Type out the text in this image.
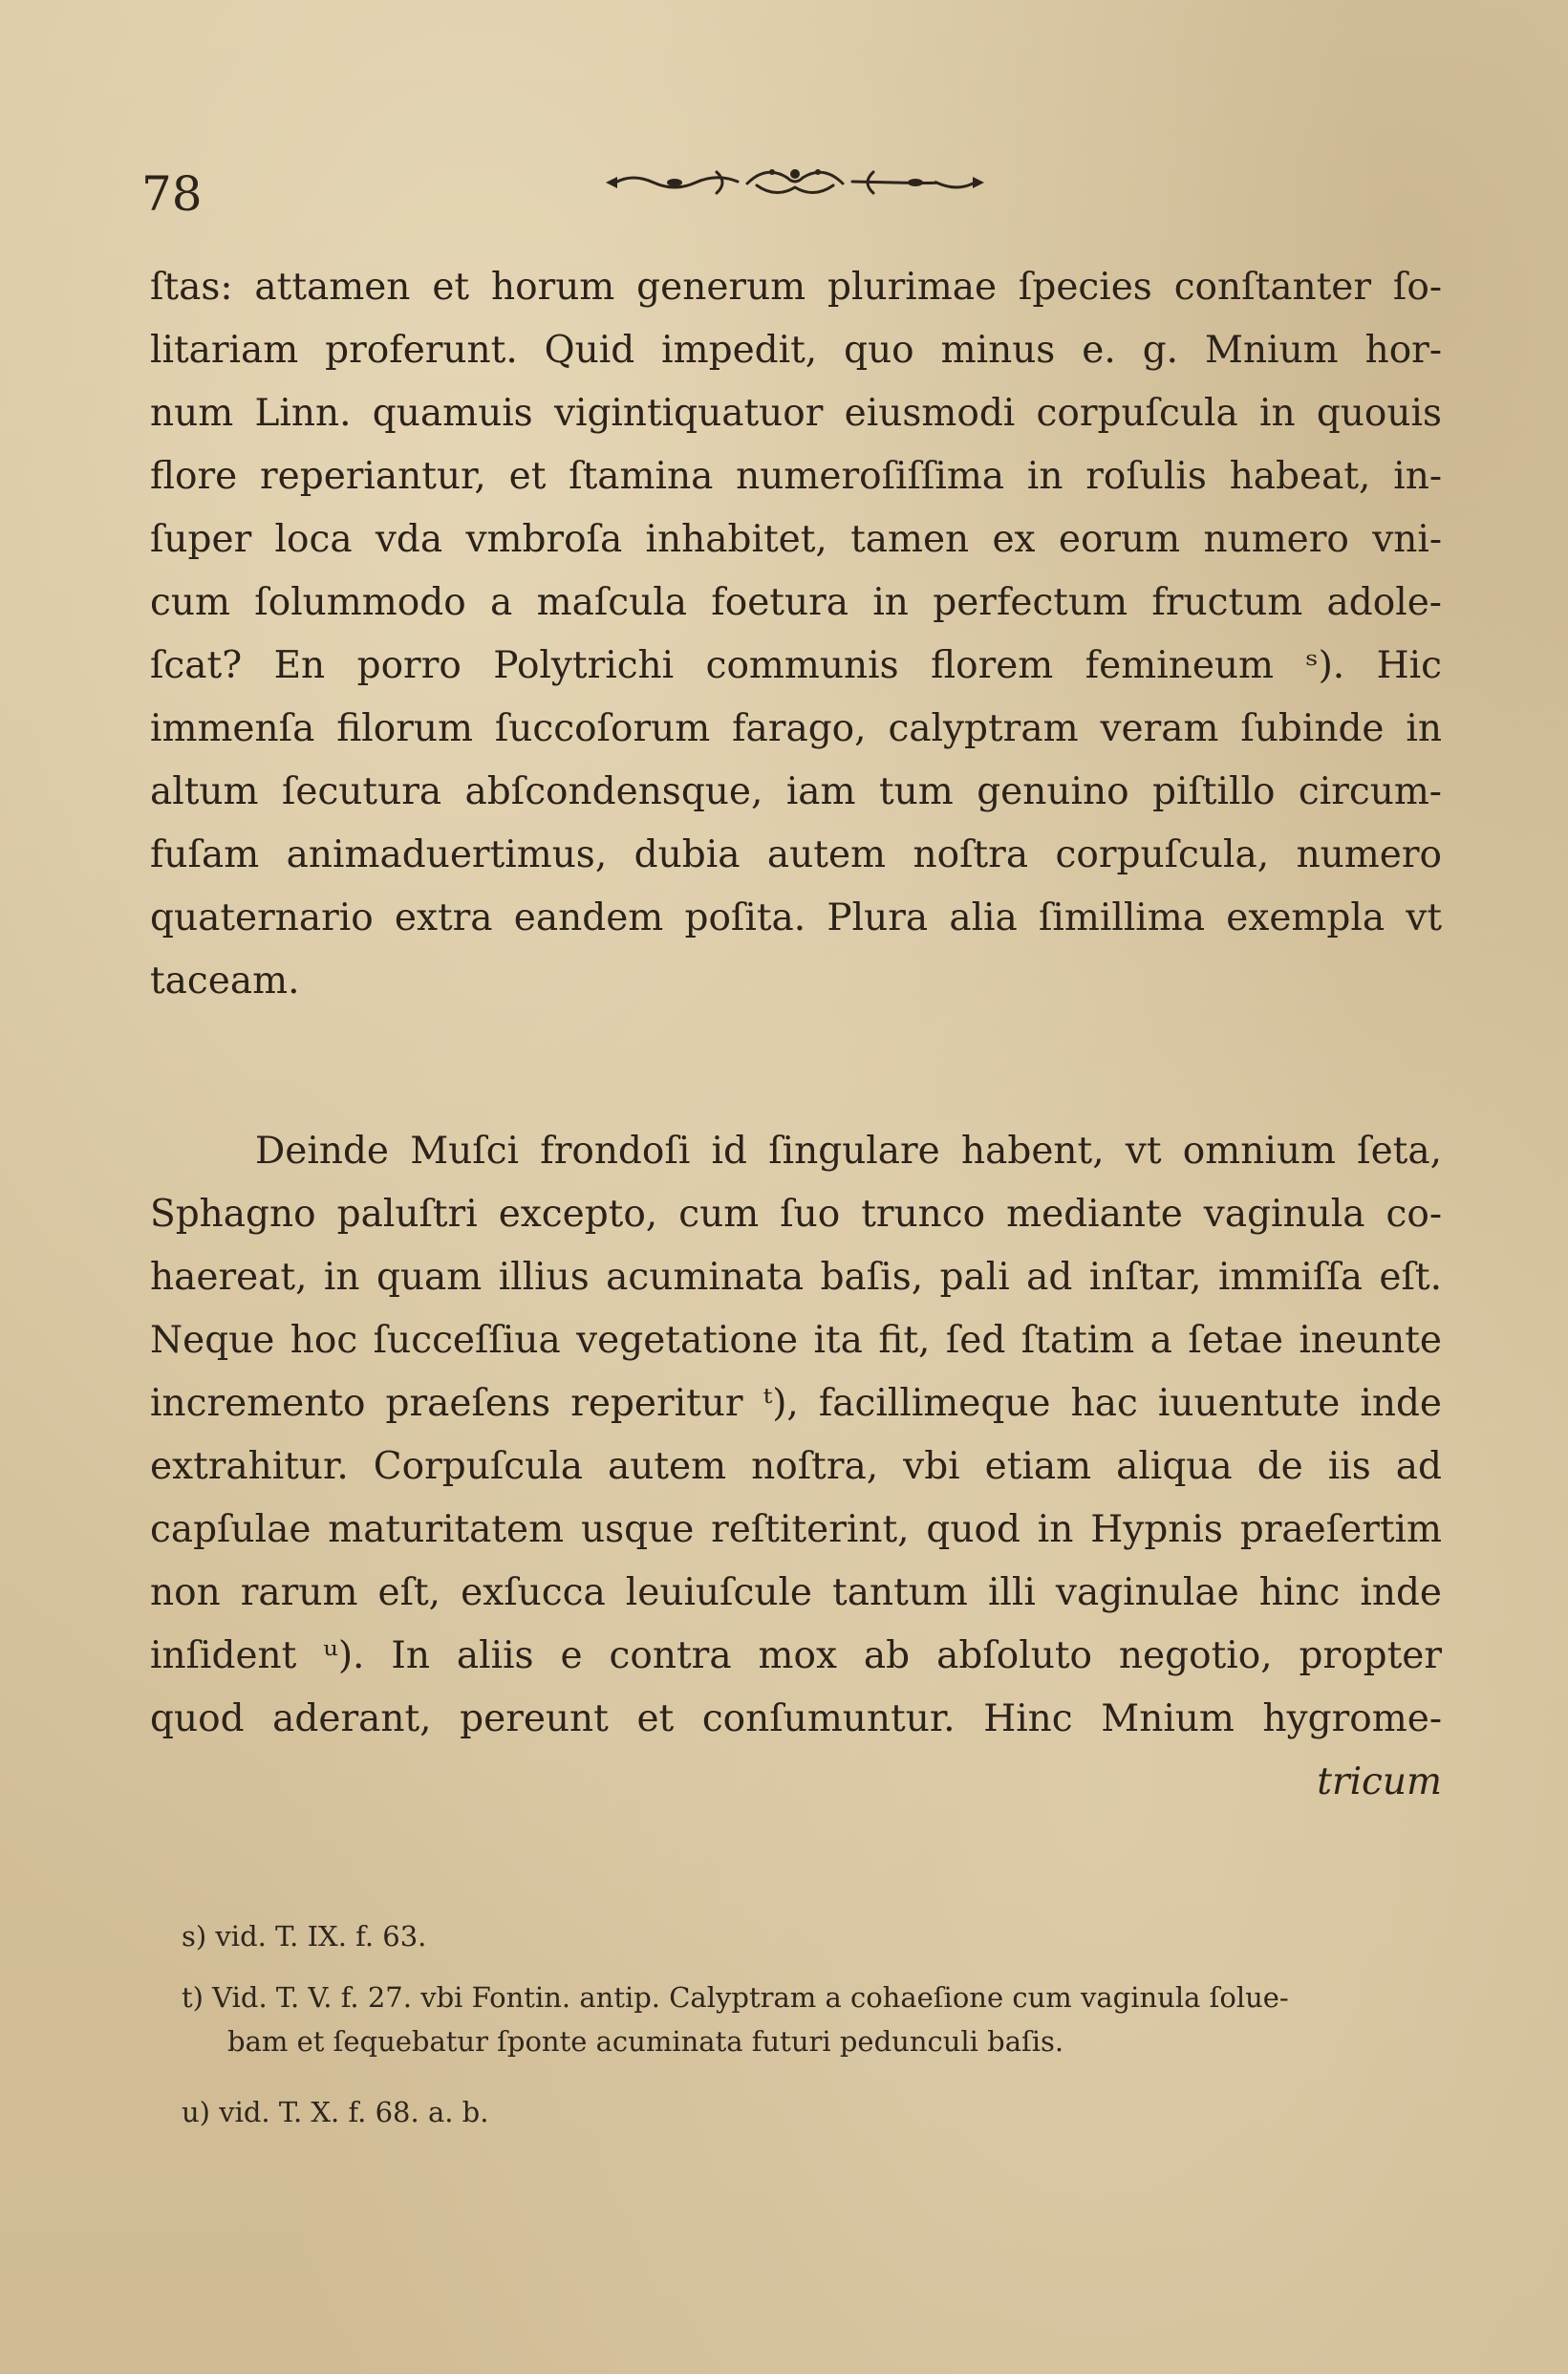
78
ſtas: attamen et horum generum plurimae ſpecies conſtanter ſo-
litariam proferunt. Quid impedit, quo minus e. g. Mnium hor-
num Linn. quamuis vigintiquatuor eiusmodi corpuſcula in quouis
flore reperiantur, et ſtamina numeroſiſſima in roſulis habeat, in-
ſuper loca vda vmbroſa inhabitet, tamen ex eorum numero vni-
cum ſolummodo a maſcula foetura in perfectum fructum adole-
ſcat? En porro Polytrichi communis florem femineum ˢ). Hic
immenſa filorum ſuccoſorum farago, calyptram veram ſubinde in
altum ſecutura abſcondensque, iam tum genuino piſtillo circum-
fuſam animaduertimus, dubia autem noſtra corpuſcula, numero
quaternario extra eandem poſita. Plura alia ſimillima exempla vt
taceam.
Deinde Muſci frondoſi id ſingulare habent, vt omnium ſeta,
Sphagno paluſtri excepto, cum ſuo trunco mediante vaginula co-
haereat, in quam illius acuminata baſis, pali ad inſtar, immiſſa eſt.
Neque hoc ſucceſſiua vegetatione ita fit, ſed ſtatim a ſetae ineunte
incremento praeſens reperitur ᵗ), facillimeque hac iuuentute inde
extrahitur. Corpuſcula autem noſtra, vbi etiam aliqua de iis ad
capſulae maturitatem usque reſtiterint, quod in Hypnis praeſertim
non rarum eſt, exſucca leuiuſcule tantum illi vaginulae hinc inde
inſident ᵘ). In aliis e contra mox ab abſoluto negotio, propter
quod aderant, pereunt et conſumuntur. Hinc Mnium hygrome-
tricum
s) vid. T. IX. f. 63.
t) Vid. T. V. f. 27. vbi Fontin. antip. Calyptram a cohaeſione cum vaginula ſolue-
bam et ſequebatur ſponte acuminata futuri pedunculi baſis.
u) vid. T. X. f. 68. a. b.
